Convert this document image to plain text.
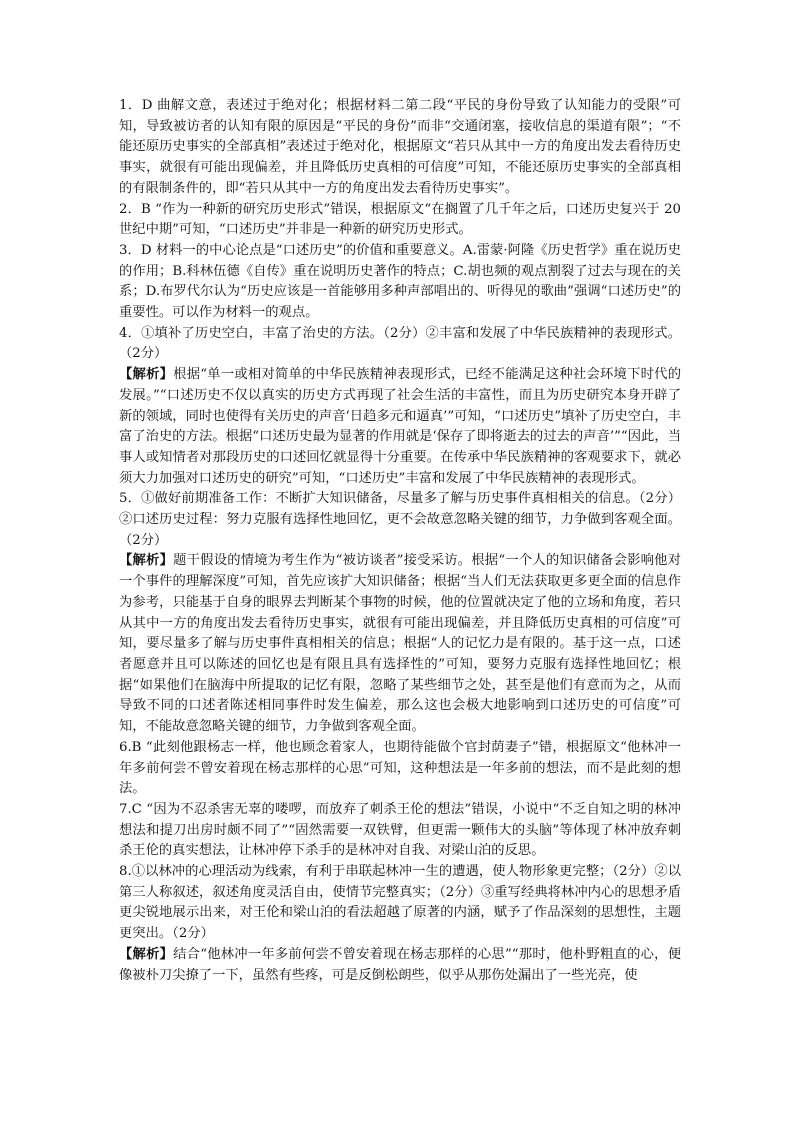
1．D 曲解文意，表述过于绝对化；根据材料二第二段“平民的身份导致了认知能力的受限”可知，导致被访者的认知有限的原因是“平民的身份”而非“交通闭塞，接收信息的渠道有限”；“不能还原历史事实的全部真相”表述过于绝对化，根据原文“若只从其中一方的角度出发去看待历史事实，就很有可能出现偏差，并且降低历史真相的可信度”可知，不能还原历史事实的全部真相的有限制条件的，即“若只从其中一方的角度出发去看待历史事实”。

2．B “作为一种新的研究历史形式”错误，根据原文“在搁置了几千年之后，口述历史复兴于 20 世纪中期”可知，“口述历史”并非是一种新的研究历史形式。

3．D 材料一的中心论点是“口述历史”的价值和重要意义。A.雷蒙·阿隆《历史哲学》重在说历史的作用；B.科林伍德《自传》重在说明历史著作的特点；C.胡也频的观点割裂了过去与现在的关系；D.布罗代尔认为“历史应该是一首能够用多种声部唱出的、听得见的歌曲”强调“口述历史”的重要性。可以作为材料一的观点。

4．①填补了历史空白，丰富了治史的方法。（2分）②丰富和发展了中华民族精神的表现形式。（2分）

【解析】根据“单一或相对简单的中华民族精神表现形式，已经不能满足这种社会环境下时代的发展。”“口述历史不仅以真实的历史方式再现了社会生活的丰富性，而且为历史研究本身开辟了新的领域，同时也使得有关历史的声音‘日趋多元和逼真’”可知，“口述历史”填补了历史空白，丰富了治史的方法。根据“口述历史最为显著的作用就是‘保存了即将逝去的过去的声音’”“因此，当事人或知情者对那段历史的口述回忆就显得十分重要。在传承中华民族精神的客观要求下，就必须大力加强对口述历史的研究”可知，“口述历史”丰富和发展了中华民族精神的表现形式。

5．①做好前期准备工作：不断扩大知识储备，尽量多了解与历史事件真相相关的信息。（2分）②口述历史过程：努力克服有选择性地回忆，更不会故意忽略关键的细节，力争做到客观全面。（2分）

【解析】题干假设的情境为考生作为“被访谈者”接受采访。根据“一个人的知识储备会影响他对一个事件的理解深度”可知，首先应该扩大知识储备；根据“当人们无法获取更多更全面的信息作为参考，只能基于自身的眼界去判断某个事物的时候，他的位置就决定了他的立场和角度，若只从其中一方的角度出发去看待历史事实，就很有可能出现偏差，并且降低历史真相的可信度”可知，要尽量多了解与历史事件真相相关的信息；根据“人的记忆力是有限的。基于这一点，口述者愿意并且可以陈述的回忆也是有限且具有选择性的”可知，要努力克服有选择性地回忆；根据“如果他们在脑海中所提取的记忆有限，忽略了某些细节之处，甚至是他们有意而为之，从而导致不同的口述者陈述相同事件时发生偏差，那么这也会极大地影响到口述历史的可信度”可知，不能故意忽略关键的细节，力争做到客观全面。

6.B “此刻他跟杨志一样，他也顾念着家人，也期待能做个官封荫妻子”错，根据原文“他林冲一年多前何尝不曾安着现在杨志那样的心思”可知，这种想法是一年多前的想法，而不是此刻的想法。

7.C “因为不忍杀害无辜的喽啰，而放弃了刺杀王伦的想法”错误，小说中“不乏自知之明的林冲想法和提刀出房时颇不同了”“固然需要一双铁臂，但更需一颗伟大的头脑”等体现了林冲放弃刺杀王伦的真实想法，让林冲停下杀手的是林冲对自我、对梁山泊的反思。

8.①以林冲的心理活动为线索，有利于串联起林冲一生的遭遇，使人物形象更完整；（2分）②以第三人称叙述，叙述角度灵活自由，使情节完整真实；（2分）③重写经典将林冲内心的思想矛盾更尖锐地展示出来，对王伦和梁山泊的看法超越了原著的内涵，赋予了作品深刻的思想性，主题更突出。（2分）

【解析】结合“他林冲一年多前何尝不曾安着现在杨志那样的心思”“那时，他朴野粗直的心，便像被朴刀尖撩了一下，虽然有些疼，可是反倒松朗些，似乎从那伤处漏出了一些光亮，使
